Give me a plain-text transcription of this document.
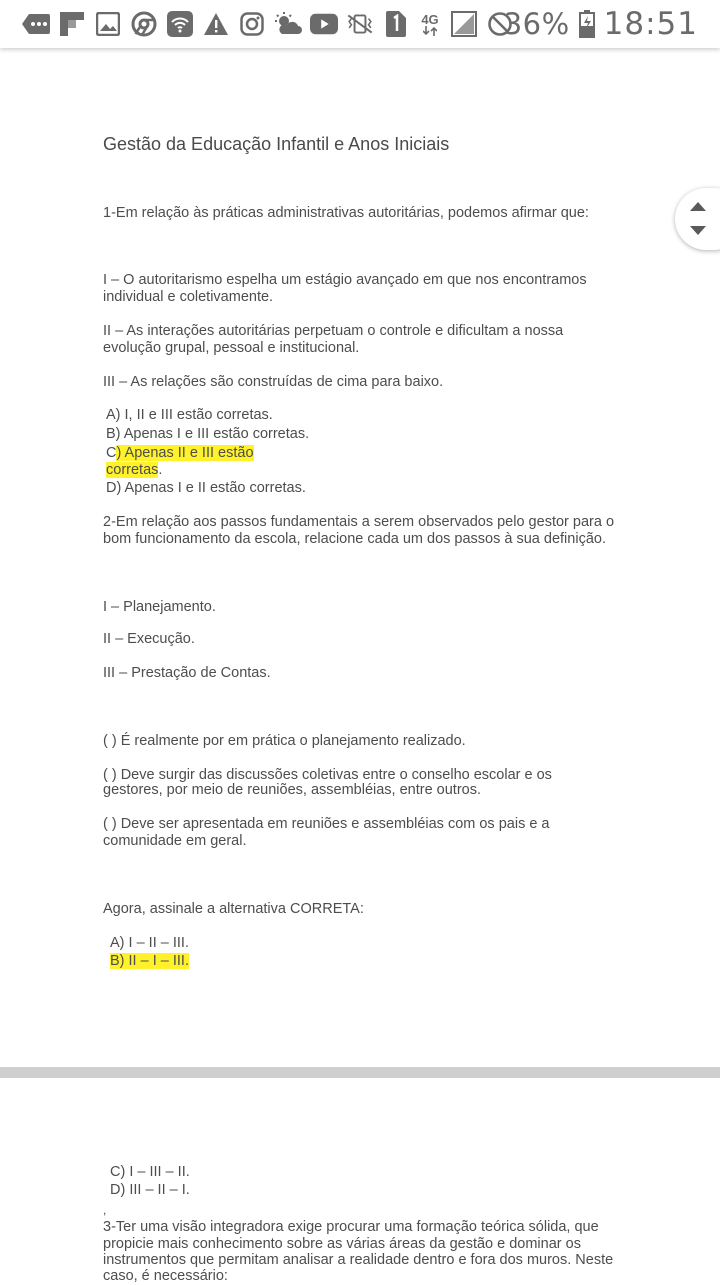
4G 36% 18:51
Gestão da Educação Infantil e Anos Iniciais
1-Em relação às práticas administrativas autoritárias, podemos afirmar que:
I – O autoritarismo espelha um estágio avançado em que nos encontramos
individual e coletivamente.
II – As interações autoritárias perpetuam o controle e dificultam a nossa
evolução grupal, pessoal e institucional.
III – As relações são construídas de cima para baixo.
A) I, II e III estão corretas.
B) Apenas I e III estão corretas.
C) Apenas II e III estão
corretas.
D) Apenas I e II estão corretas.
2-Em relação aos passos fundamentais a serem observados pelo gestor para o
bom funcionamento da escola, relacione cada um dos passos à sua definição.
I – Planejamento.
II – Execução.
III – Prestação de Contas.
( ) É realmente por em prática o planejamento realizado.
( ) Deve surgir das discussões coletivas entre o conselho escolar e os
gestores, por meio de reuniões, assembléias, entre outros.
( ) Deve ser apresentada em reuniões e assembléias com os pais e a
comunidade em geral.
Agora, assinale a alternativa CORRETA:
A) I – II – III.
B) II – I – III.
C) I – III – II.
D) III – II – I.
,
3-Ter uma visão integradora exige procurar uma formação teórica sólida, que
propicie mais conhecimento sobre as várias áreas da gestão e dominar os
instrumentos que permitam analisar a realidade dentro e fora dos muros. Neste
caso, é necessário:
